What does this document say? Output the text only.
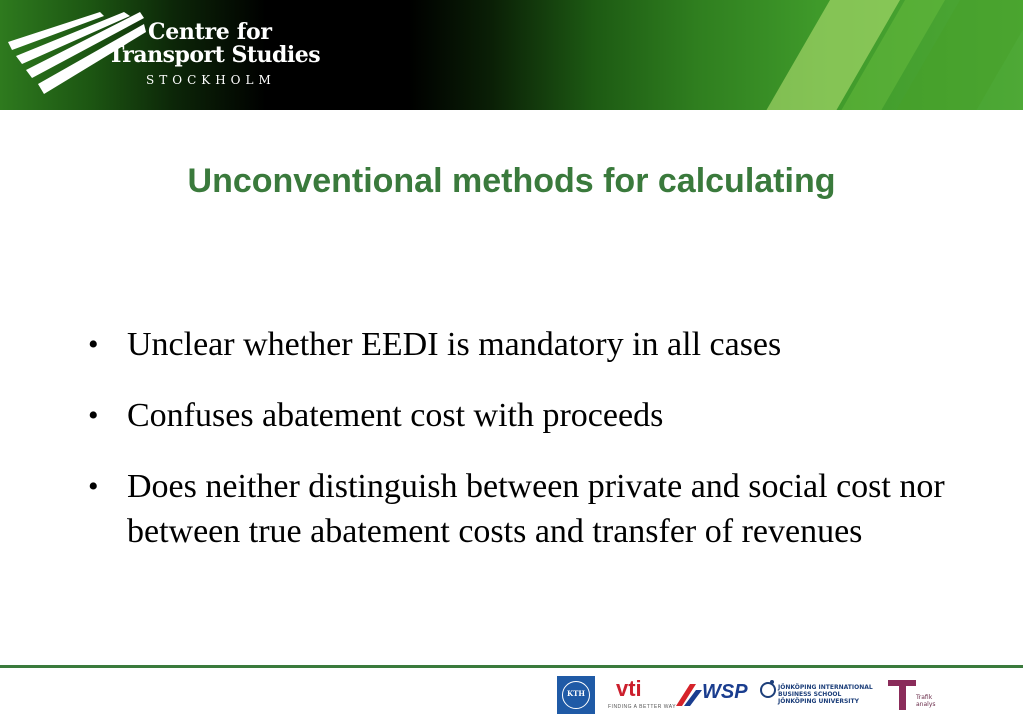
Centre for
Transport Studies
STOCKHOLM
Unconventional methods for calculating
• Unclear whether EEDI is mandatory in all cases
• Confuses abatement cost with proceeds
• Does neither distinguish between private and social cost nor between true abatement costs and transfer of revenues
KTH	vti
FINDING A BETTER WAY
WSP	JÖNKÖPING INTERNATIONAL
BUSINESS SCHOOL
JÖNKÖPING UNIVERSITY
Trafik
analys
